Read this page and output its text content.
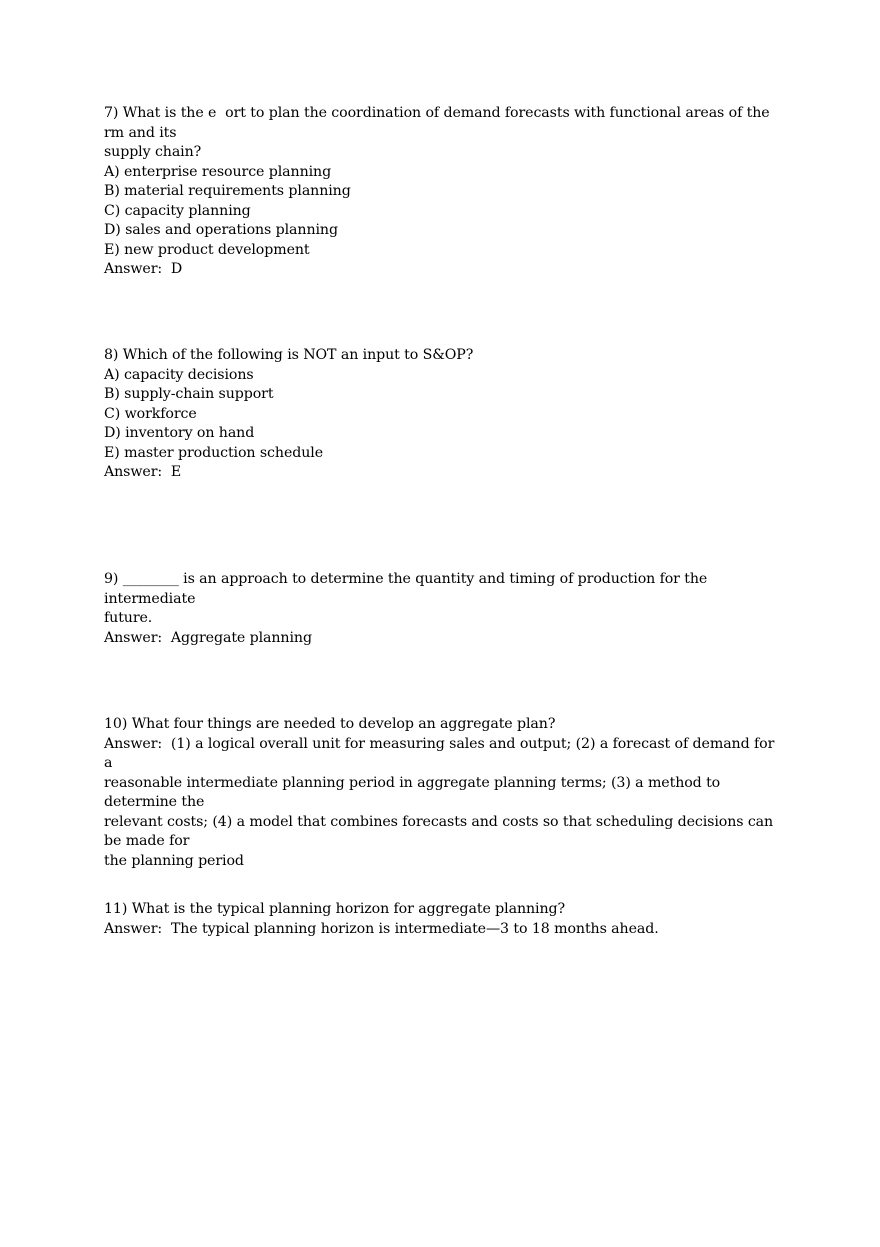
7) What is the e  ort to plan the coordination of demand forecasts with functional areas of the   rm and its
supply chain?
A) enterprise resource planning
B) material requirements planning
C) capacity planning
D) sales and operations planning
E) new product development
Answer:  D
8) Which of the following is NOT an input to S&OP?
A) capacity decisions
B) supply-chain support
C) workforce
D) inventory on hand
E) master production schedule
Answer:  E
9) ________ is an approach to determine the quantity and timing of production for the intermediate
future.
Answer:  Aggregate planning
10) What four things are needed to develop an aggregate plan?
Answer:  (1) a logical overall unit for measuring sales and output; (2) a forecast of demand for a
reasonable intermediate planning period in aggregate planning terms; (3) a method to determine the
relevant costs; (4) a model that combines forecasts and costs so that scheduling decisions can be made for
the planning period
11) What is the typical planning horizon for aggregate planning?
Answer:  The typical planning horizon is intermediate—3 to 18 months ahead.
